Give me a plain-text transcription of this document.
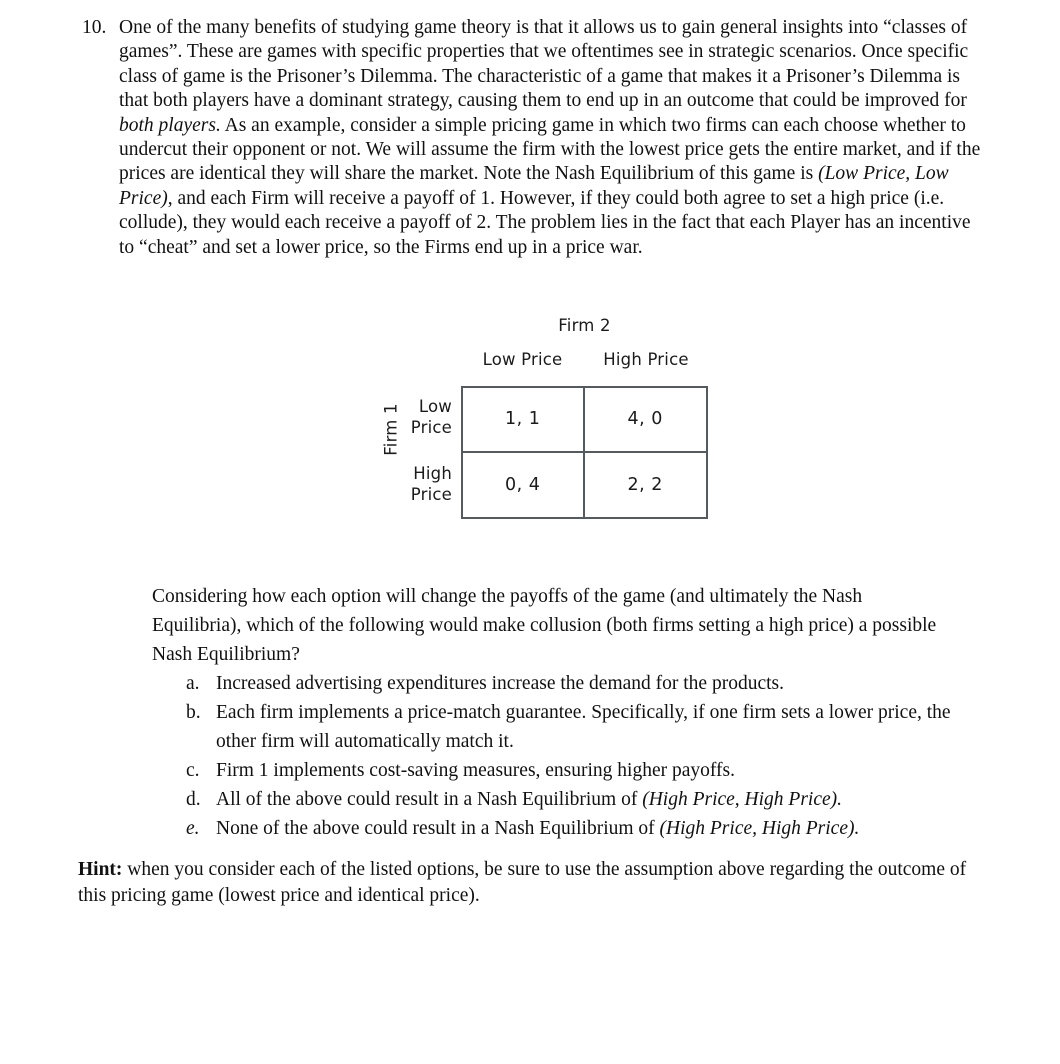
10. One of the many benefits of studying game theory is that it allows us to gain general insights into “classes of games”. These are games with specific properties that we oftentimes see in strategic scenarios. Once specific class of game is the Prisoner’s Dilemma. The characteristic of a game that makes it a Prisoner’s Dilemma is that both players have a dominant strategy, causing them to end up in an outcome that could be improved for both players. As an example, consider a simple pricing game in which two firms can each choose whether to undercut their opponent or not. We will assume the firm with the lowest price gets the entire market, and if the prices are identical they will share the market. Note the Nash Equilibrium of this game is (Low Price, Low Price), and each Firm will receive a payoff of 1. However, if they could both agree to set a high price (i.e. collude), they would each receive a payoff of 2. The problem lies in the fact that each Player has an incentive to “cheat” and set a lower price, so the Firms end up in a price war.

Firm 2
Low Price	High Price
Firm 1	Low
Price
High
Price
1, 1	4, 0
0, 4	2, 2

Considering how each option will change the payoffs of the game (and ultimately the Nash Equilibria), which of the following would make collusion (both firms setting a high price) a possible Nash Equilibrium?

a. Increased advertising expenditures increase the demand for the products.
b. Each firm implements a price-match guarantee. Specifically, if one firm sets a lower price, the other firm will automatically match it.
c. Firm 1 implements cost-saving measures, ensuring higher payoffs.
d. All of the above could result in a Nash Equilibrium of (High Price, High Price).
e. None of the above could result in a Nash Equilibrium of (High Price, High Price).
Hint: when you consider each of the listed options, be sure to use the assumption above regarding the outcome of this pricing game (lowest price and identical price).
